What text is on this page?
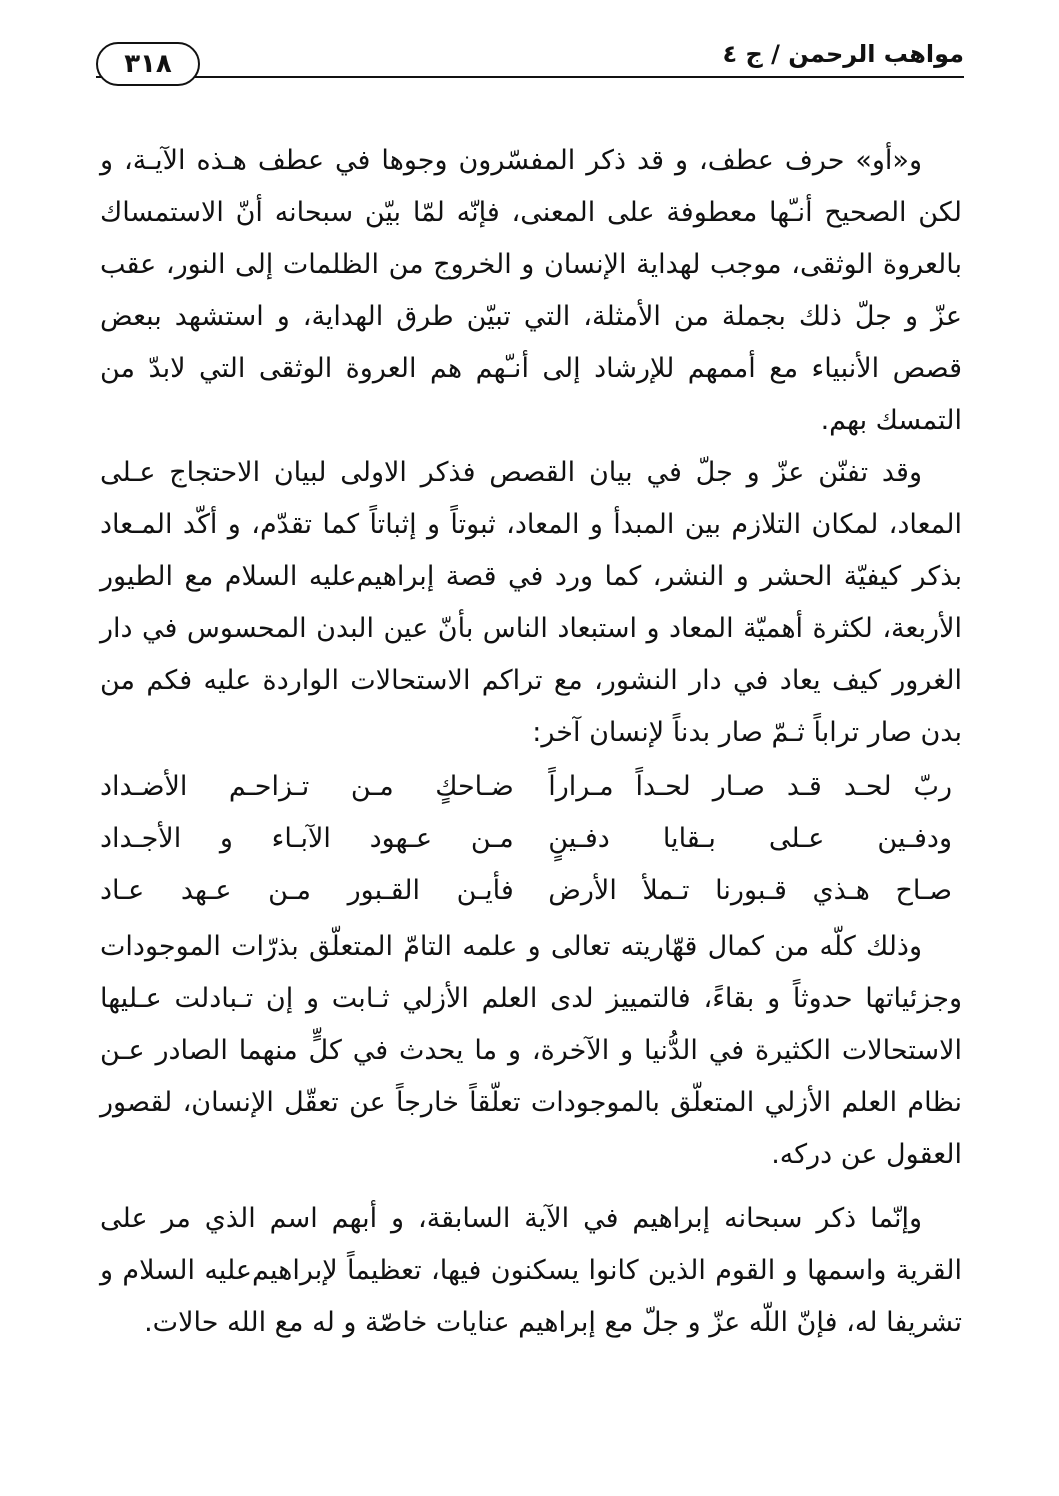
٣١٨	مواهب الرحمن / ج ٤

و«أو» حرف عطف، و قد ذكر المفسّرون وجوها في عطف هـذه الآيـة، و لكن الصحيح أنـّها معطوفة على المعنى، فإنّه لمّا بيّن سبحانه أنّ الاستمساك بالعروة الوثقى، موجب لهداية الإنسان و الخروج من الظلمات إلى النور، عقب عزّ و جلّ ذلك بجملة من الأمثلة، التي تبيّن طرق الهداية، و استشهد ببعض قصص الأنبياء مع أممهم للإرشاد إلى أنـّهم هم العروة الوثقى التي لابدّ من التمسك بهم.

وقد تفنّن عزّ و جلّ في بيان القصص فذكر الاولى لبيان الاحتجاج عـلى المعاد، لمكان التلازم بين المبدأ و المعاد، ثبوتاً و إثباتاً كما تقدّم، و أكّد المـعاد بذكر كيفيّة الحشر و النشر، كما ورد في قصة إبراهيم‌عليه السلام مع الطيور الأربعة، لكثرة أهميّة المعاد و استبعاد الناس بأنّ عين البدن المحسوس في دار الغرور كيف يعاد في دار النشور، مع تراكم الاستحالات الواردة عليه فكم من بدن صار تراباً ثـمّ صار بدناً لإنسان آخر:

ربّ لحـد قـد صـار لحـداً مـراراً
ضـاحكٍ مـن تـزاحـم الأضـداد
ودفـين عـلى بـقايا دفـينٍ
مـن عـهود الآبـاء و الأجـداد
صـاح هـذي قـبورنا تـملأ الأرض
فأيـن القـبور مـن عـهد عـاد

وذلك كلّه من كمال قهّاريته تعالى و علمه التامّ المتعلّق بذرّات الموجودات وجزئياتها حدوثاً و بقاءً، فالتمييز لدى العلم الأزلي ثـابت و إن تـبادلت عـليها الاستحالات الكثيرة في الدُّنيا و الآخرة، و ما يحدث في كلٍّ منهما الصادر عـن نظام العلم الأزلي المتعلّق بالموجودات تعلّقاً خارجاً عن تعقّل الإنسان، لقصور العقول عن دركه.

وإنّما ذكر سبحانه إبراهيم في الآية السابقة، و أبهم اسم الذي مر على القرية واسمها و القوم الذين كانوا يسكنون فيها، تعظيماً لإبراهيم‌عليه السلام و تشريفا له، فإنّ اللّه عزّ و جلّ مع إبراهيم عنايات خاصّة و له مع الله حالات.
